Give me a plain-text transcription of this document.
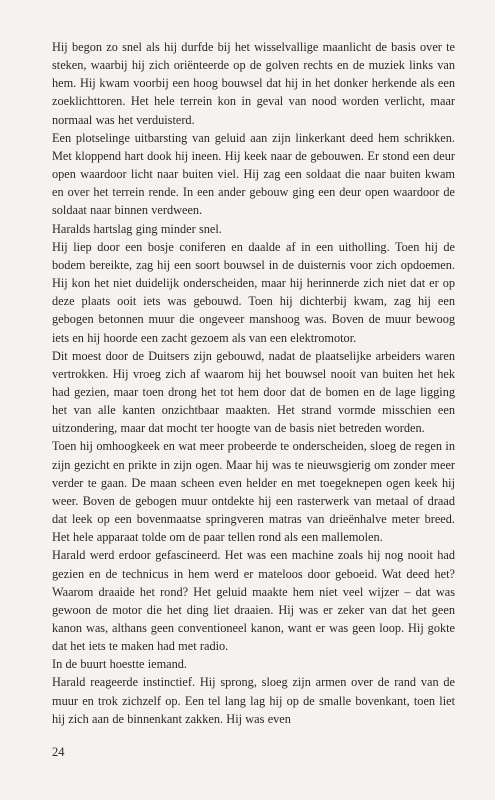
Hij begon zo snel als hij durfde bij het wisselvallige maanlicht de basis over te steken, waarbij hij zich oriënteerde op de golven rechts en de muziek links van hem. Hij kwam voorbij een hoog bouwsel dat hij in het donker herkende als een zoeklichttoren. Het hele terrein kon in geval van nood worden verlicht, maar normaal was het verduisterd.

Een plotselinge uitbarsting van geluid aan zijn linkerkant deed hem schrikken. Met kloppend hart dook hij ineen. Hij keek naar de gebouwen. Er stond een deur open waardoor licht naar buiten viel. Hij zag een soldaat die naar buiten kwam en over het terrein rende. In een ander gebouw ging een deur open waardoor de soldaat naar binnen verdween.

Haralds hartslag ging minder snel.

Hij liep door een bosje coniferen en daalde af in een uitholling. Toen hij de bodem bereikte, zag hij een soort bouwsel in de duisternis voor zich opdoemen. Hij kon het niet duidelijk onderscheiden, maar hij herinnerde zich niet dat er op deze plaats ooit iets was gebouwd. Toen hij dichterbij kwam, zag hij een gebogen betonnen muur die ongeveer manshoog was. Boven de muur bewoog iets en hij hoorde een zacht gezoem als van een elektromotor.

Dit moest door de Duitsers zijn gebouwd, nadat de plaatselijke arbeiders waren vertrokken. Hij vroeg zich af waarom hij het bouwsel nooit van buiten het hek had gezien, maar toen drong het tot hem door dat de bomen en de lage ligging het van alle kanten onzichtbaar maakten. Het strand vormde misschien een uitzondering, maar dat mocht ter hoogte van de basis niet betreden worden.

Toen hij omhoogkeek en wat meer probeerde te onderscheiden, sloeg de regen in zijn gezicht en prikte in zijn ogen. Maar hij was te nieuwsgierig om zonder meer verder te gaan. De maan scheen even helder en met toegeknepen ogen keek hij weer. Boven de gebogen muur ontdekte hij een rasterwerk van metaal of draad dat leek op een bovenmaatse springveren matras van drieënhalve meter breed. Het hele apparaat tolde om de paar tellen rond als een mallemolen.

Harald werd erdoor gefascineerd. Het was een machine zoals hij nog nooit had gezien en de technicus in hem werd er mateloos door geboeid. Wat deed het? Waarom draaide het rond? Het geluid maakte hem niet veel wijzer – dat was gewoon de motor die het ding liet draaien. Hij was er zeker van dat het geen kanon was, althans geen conventioneel kanon, want er was geen loop. Hij gokte dat het iets te maken had met radio.

In de buurt hoestte iemand.

Harald reageerde instinctief. Hij sprong, sloeg zijn armen over de rand van de muur en trok zichzelf op. Een tel lang lag hij op de smalle bovenkant, toen liet hij zich aan de binnenkant zakken. Hij was even

24
